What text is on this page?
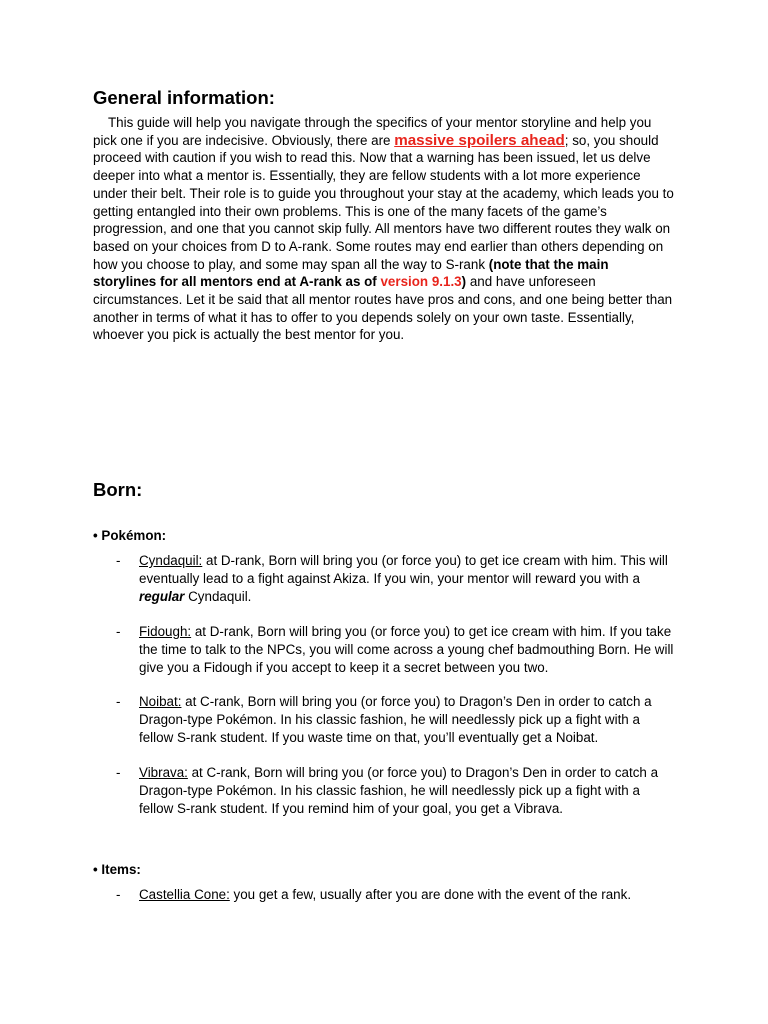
General information:

This guide will help you navigate through the specifics of your mentor storyline and help you pick one if you are indecisive. Obviously, there are massive spoilers ahead; so, you should proceed with caution if you wish to read this. Now that a warning has been issued, let us delve deeper into what a mentor is. Essentially, they are fellow students with a lot more experience under their belt. Their role is to guide you throughout your stay at the academy, which leads you to getting entangled into their own problems. This is one of the many facets of the game’s progression, and one that you cannot skip fully. All mentors have two different routes they walk on based on your choices from D to A-rank. Some routes may end earlier than others depending on how you choose to play, and some may span all the way to S-rank (note that the main storylines for all mentors end at A-rank as of version 9.1.3) and have unforeseen circumstances. Let it be said that all mentor routes have pros and cons, and one being better than another in terms of what it has to offer to you depends solely on your own taste. Essentially, whoever you pick is actually the best mentor for you.

Born:
• Pokémon:
- Cyndaquil: at D-rank, Born will bring you (or force you) to get ice cream with him. This will eventually lead to a fight against Akiza. If you win, your mentor will reward you with a regular Cyndaquil.
- Fidough: at D-rank, Born will bring you (or force you) to get ice cream with him. If you take the time to talk to the NPCs, you will come across a young chef badmouthing Born. He will give you a Fidough if you accept to keep it a secret between you two.
- Noibat: at C-rank, Born will bring you (or force you) to Dragon’s Den in order to catch a Dragon-type Pokémon. In his classic fashion, he will needlessly pick up a fight with a fellow S-rank student. If you waste time on that, you’ll eventually get a Noibat.
- Vibrava: at C-rank, Born will bring you (or force you) to Dragon’s Den in order to catch a Dragon-type Pokémon. In his classic fashion, he will needlessly pick up a fight with a fellow S-rank student. If you remind him of your goal, you get a Vibrava.
• Items:
- Castellia Cone: you get a few, usually after you are done with the event of the rank.
